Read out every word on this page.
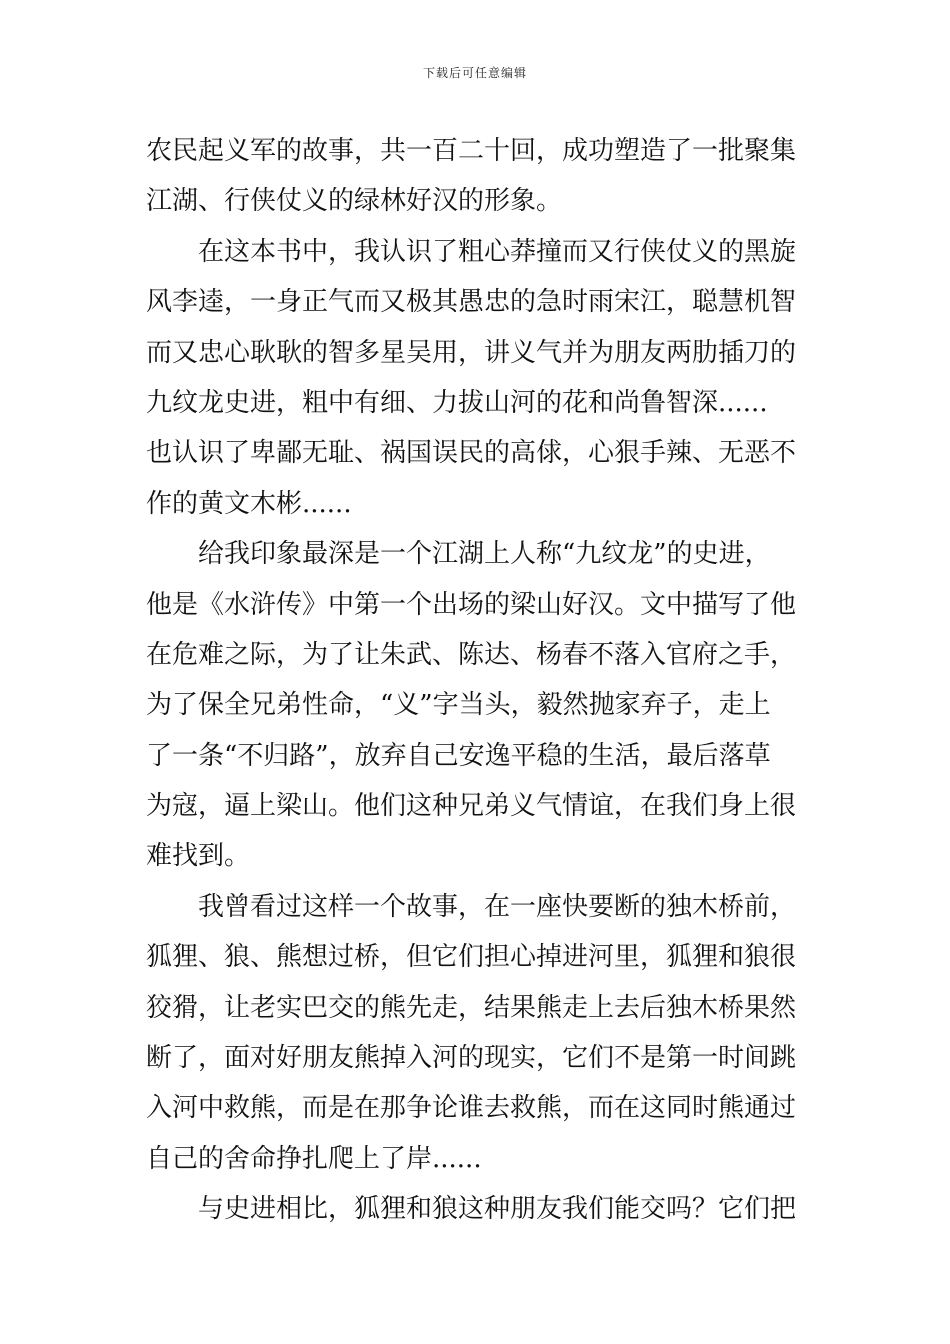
下载后可任意编辑
农民起义军的故事，共一百二十回，成功塑造了一批聚集
江湖、行侠仗义的绿林好汉的形象。
在这本书中，我认识了粗心莽撞而又行侠仗义的黑旋
风李逵，一身正气而又极其愚忠的急时雨宋江，聪慧机智
而又忠心耿耿的智多星吴用，讲义气并为朋友两肋插刀的
九纹龙史进，粗中有细、力拔山河的花和尚鲁智深......
也认识了卑鄙无耻、祸国误民的高俅，心狠手辣、无恶不
作的黄文木彬......
给我印象最深是一个江湖上人称“九纹龙”的史进，
他是《水浒传》中第一个出场的梁山好汉。文中描写了他
在危难之际，为了让朱武、陈达、杨春不落入官府之手，
为了保全兄弟性命，“义”字当头，毅然抛家弃子，走上
了一条“不归路”，放弃自己安逸平稳的生活，最后落草
为寇，逼上梁山。他们这种兄弟义气情谊，在我们身上很
难找到。
我曾看过这样一个故事，在一座快要断的独木桥前，
狐狸、狼、熊想过桥，但它们担心掉进河里，狐狸和狼很
狡猾，让老实巴交的熊先走，结果熊走上去后独木桥果然
断了，面对好朋友熊掉入河的现实，它们不是第一时间跳
入河中救熊，而是在那争论谁去救熊，而在这同时熊通过
自己的舍命挣扎爬上了岸......
与史进相比，狐狸和狼这种朋友我们能交吗？它们把
